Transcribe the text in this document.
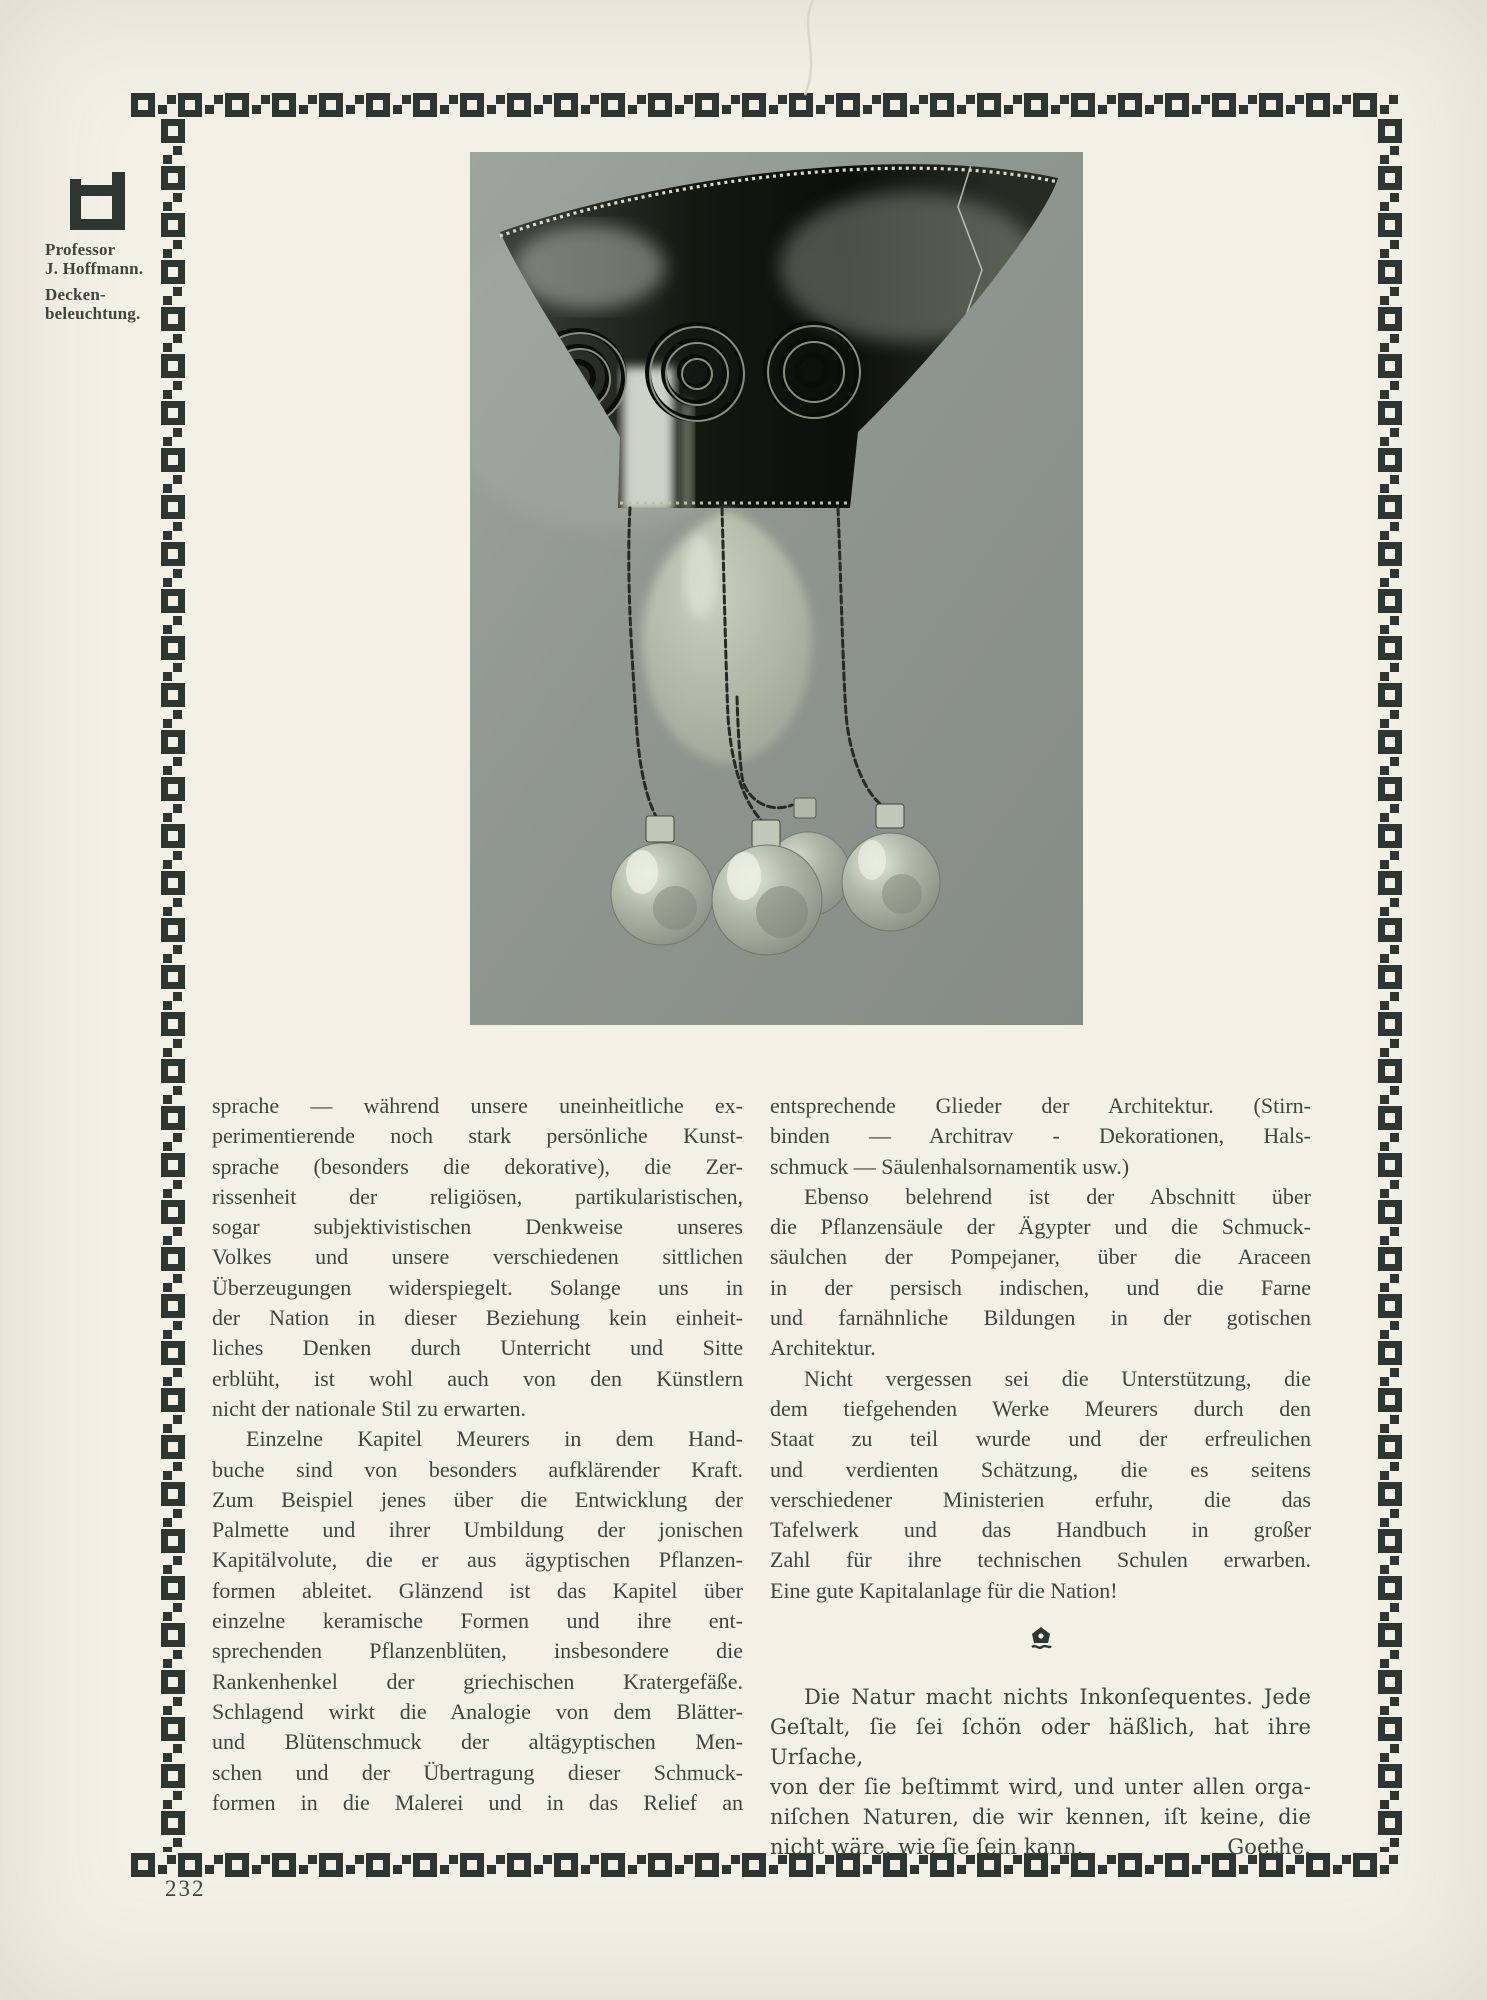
Professor
J. Hoffmann.
Decken-
beleuchtung.
sprache — während unsere uneinheitliche ex-
perimentierende noch stark persönliche Kunst-
sprache (besonders die dekorative), die Zer-
rissenheit der religiösen, partikularistischen,
sogar subjektivistischen Denkweise unseres
Volkes und unsere verschiedenen sittlichen
Überzeugungen widerspiegelt. Solange uns in
der Nation in dieser Beziehung kein einheit-
liches Denken durch Unterricht und Sitte
erblüht, ist wohl auch von den Künstlern
nicht der nationale Stil zu erwarten.
Einzelne Kapitel Meurers in dem Hand-
buche sind von besonders aufklärender Kraft.
Zum Beispiel jenes über die Entwicklung der
Palmette und ihrer Umbildung der jonischen
Kapitälvolute, die er aus ägyptischen Pflanzen-
formen ableitet. Glänzend ist das Kapitel über
einzelne keramische Formen und ihre ent-
sprechenden Pflanzenblüten, insbesondere die
Rankenhenkel der griechischen Kratergefäße.
Schlagend wirkt die Analogie von dem Blätter-
und Blütenschmuck der altägyptischen Men-
schen und der Übertragung dieser Schmuck-
formen in die Malerei und in das Relief an
entsprechende Glieder der Architektur. (Stirn-
binden — Architrav - Dekorationen, Hals-
schmuck — Säulenhalsornamentik usw.)
Ebenso belehrend ist der Abschnitt über
die Pflanzensäule der Ägypter und die Schmuck-
säulchen der Pompejaner, über die Araceen
in der persisch indischen, und die Farne
und farnähnliche Bildungen in der gotischen
Architektur.
Nicht vergessen sei die Unterstützung, die
dem tiefgehenden Werke Meurers durch den
Staat zu teil wurde und der erfreulichen
und verdienten Schätzung, die es seitens
verschiedener Ministerien erfuhr, die das
Tafelwerk und das Handbuch in großer
Zahl für ihre technischen Schulen erwarben.
Eine gute Kapitalanlage für die Nation!
Die Natur macht nichts Inkonſequentes. Jede
Geſtalt, ſie ſei ſchön oder häßlich, hat ihre Urſache,
von der ſie beſtimmt wird, und unter allen orga-
niſchen Naturen, die wir kennen, iſt keine, die
nicht wäre, wie ſie ſein kann.	Goethe.
232
